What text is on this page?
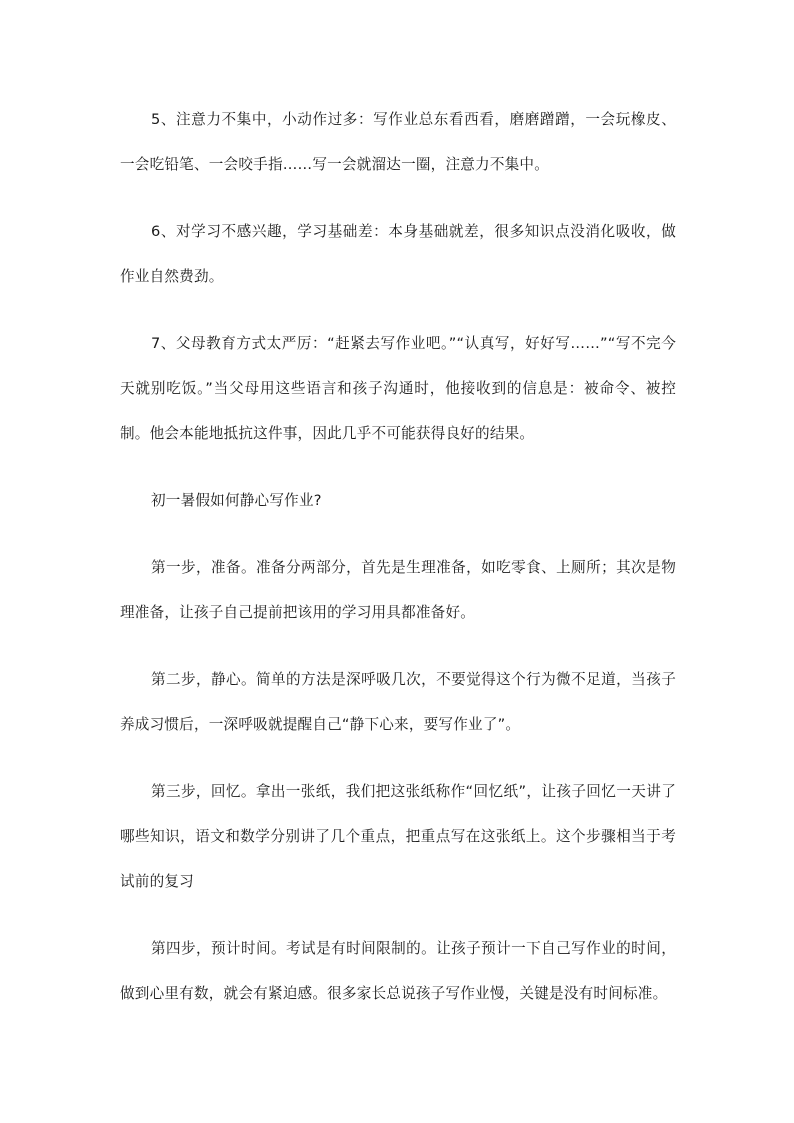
5、注意力不集中，小动作过多：写作业总东看西看，磨磨蹭蹭，一会玩橡皮、一会吃铅笔、一会咬手指……写一会就溜达一圈，注意力不集中。

6、对学习不感兴趣，学习基础差：本身基础就差，很多知识点没消化吸收，做作业自然费劲。

7、父母教育方式太严厉：“赶紧去写作业吧。”“认真写，好好写……”“写不完今天就别吃饭。”当父母用这些语言和孩子沟通时，他接收到的信息是：被命令、被控制。他会本能地抵抗这件事，因此几乎不可能获得良好的结果。

初一暑假如何静心写作业?

第一步，准备。准备分两部分，首先是生理准备，如吃零食、上厕所；其次是物理准备，让孩子自己提前把该用的学习用具都准备好。

第二步，静心。简单的方法是深呼吸几次，不要觉得这个行为微不足道，当孩子养成习惯后，一深呼吸就提醒自己“静下心来，要写作业了”。

第三步，回忆。拿出一张纸，我们把这张纸称作“回忆纸”，让孩子回忆一天讲了哪些知识，语文和数学分别讲了几个重点，把重点写在这张纸上。这个步骤相当于考试前的复习

第四步，预计时间。考试是有时间限制的。让孩子预计一下自己写作业的时间，做到心里有数，就会有紧迫感。很多家长总说孩子写作业慢，关键是没有时间标准。
